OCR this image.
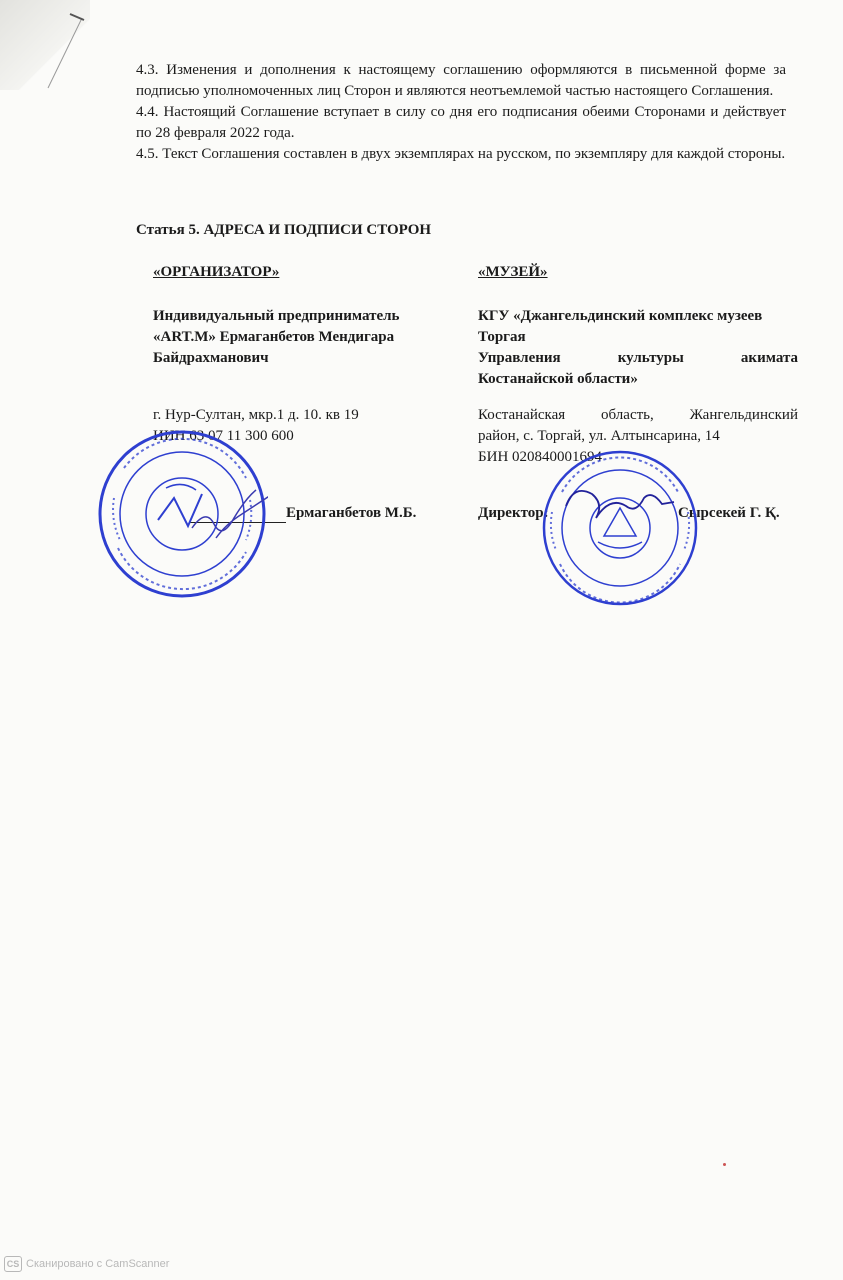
4.3. Изменения и дополнения к настоящему соглашению оформляются в письменной форме за подписью уполномоченных лиц Сторон и являются неотъемлемой частью настоящего Соглашения.

4.4. Настоящий Соглашение вступает в силу со дня его подписания обеими Сторонами и действует по 28 февраля 2022 года.

4.5. Текст Соглашения составлен в двух экземплярах на русском, по экземпляру для каждой стороны.

Статья 5. АДРЕСА И ПОДПИСИ СТОРОН
«ОРГАНИЗАТОР»
Индивидуальный предприниматель
«ART.M» Ермаганбетов Мендигара
Байдрахманович
г. Нур-Султан, мкр.1 д. 10. кв 19
ИИН 63 07 11 300 600
Ермаганбетов М.Б.
«МУЗЕЙ»
КГУ «Джангельдинский комплекс музеев
Торгая
Управления культуры акимата
Костанайской области»
Костанайская область, Жангельдинский
район, с. Торгай, ул. Алтынсарина, 14
БИН 020840001694
Директор:	Сырсекей Г. Қ.
CS Сканировано с CamScanner
